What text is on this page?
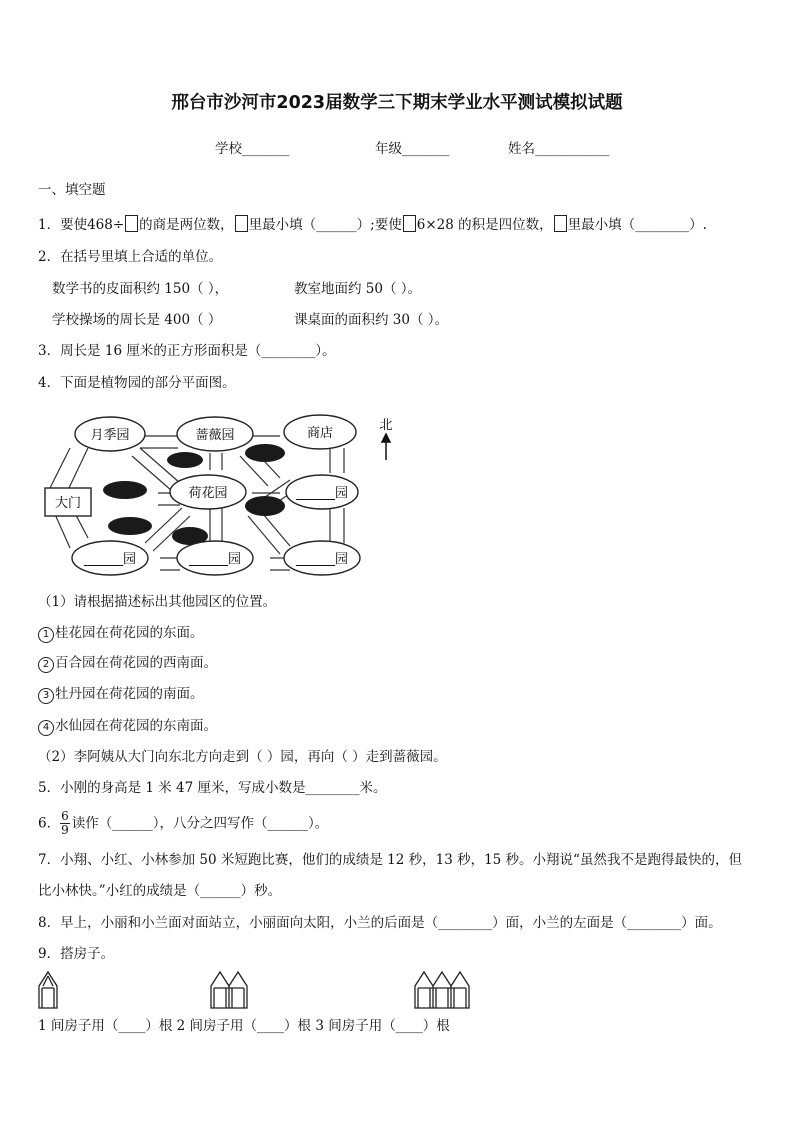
邢台市沙河市2023届数学三下期末学业水平测试模拟试题
学校_______	年级_______	姓名___________
一、填空题
1．要使468÷ 的商是两位数， 里最小填（______）;要使 6×28 的积是四位数， 里最小填（________）.
2．在括号里填上合适的单位。
数学书的皮面积约 150（ ），	教室地面约 50（ ）。
学校操场的周长是 400（ ）	课桌面的面积约 30（ ）。
3．周长是 16 厘米的正方形面积是（________）。
4．下面是植物园的部分平面图。
月季园	蔷薇园	商店
荷花园
大门
______园
______园	______园	______园
北
（1）请根据描述标出其他园区的位置。
1 桂花园在荷花园的东面。
2 百合园在荷花园的西南面。
3 牡丹园在荷花园的南面。
4 水仙园在荷花园的东南面。
（2）李阿姨从大门向东北方向走到（ ）园，再向（ ）走到蔷薇园。
5．小刚的身高是 1 米 47 厘米，写成小数是________米。
6． $\frac{6}{9}$ 读作（______），八分之四写作（______）。
7．小翔、小红、小林参加 50 米短跑比赛，他们的成绩是 12 秒，13 秒，15 秒。小翔说“虽然我不是跑得最快的，但
比小林快。”小红的成绩是（______）秒。
8．早上，小丽和小兰面对面站立，小丽面向太阳，小兰的后面是（________）面，小兰的左面是（________）面。
9．搭房子。
1 间房子用（____）根 2 间房子用（____）根 3 间房子用（____）根
